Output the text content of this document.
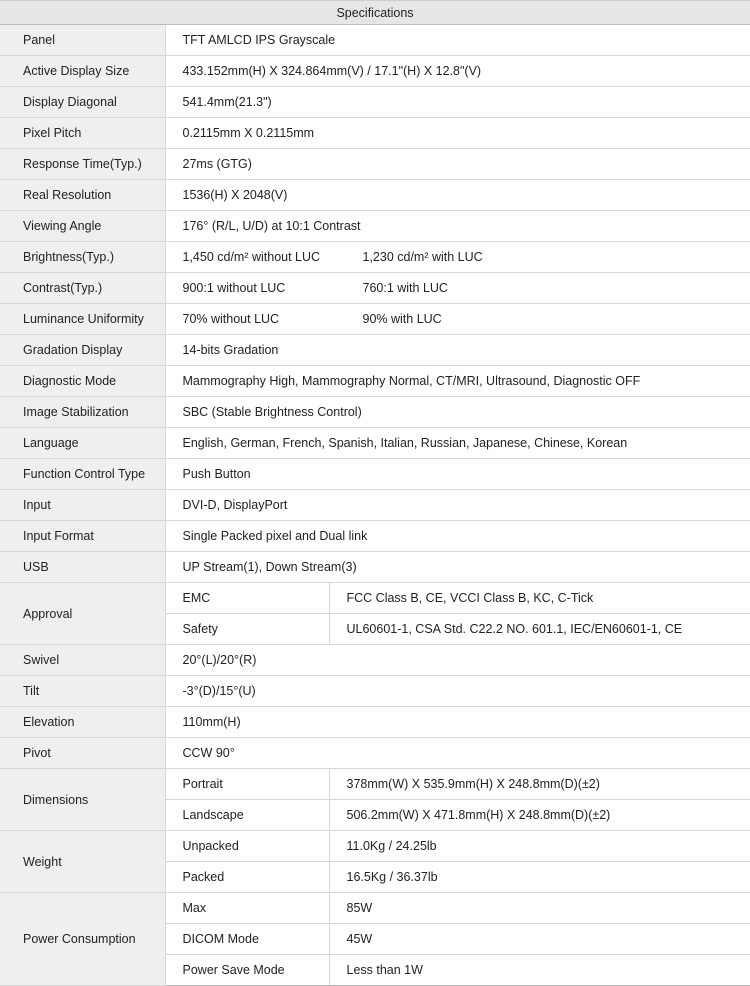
Specifications		
Panel	TFT AMLCD IPS Grayscale	
Active Display Size	433.152mm(H) X 324.864mm(V) / 17.1"(H) X 12.8"(V)	
Display Diagonal	541.4mm(21.3")	
Pixel Pitch	0.2115mm X 0.2115mm	
Response Time(Typ.)	27ms (GTG)	
Real Resolution	1536(H) X 2048(V)	
Viewing Angle	176° (R/L, U/D) at 10:1 Contrast	
Brightness(Typ.)	1,450 cd/m² without LUC 1,230 cd/m² with LUC	
Contrast(Typ.)	900:1 without LUC 760:1 with LUC	
Luminance Uniformity	70% without LUC 90% with LUC	
Gradation Display	14-bits Gradation	
Diagnostic Mode	Mammography High, Mammography Normal, CT/MRI, Ultrasound, Diagnostic OFF	
Image Stabilization	SBC (Stable Brightness Control)	
Language	English, German, French, Spanish, Italian, Russian, Japanese, Chinese, Korean	
Function Control Type	Push Button	
Input	DVI-D, DisplayPort	
Input Format	Single Packed pixel and Dual link	
USB	UP Stream(1), Down Stream(3)	
Approval	EMC	FCC Class B, CE, VCCI Class B, KC, C-Tick
	Safety	UL60601-1, CSA Std. C22.2 NO. 601.1, IEC/EN60601-1, CE
Swivel	20°(L)/20°(R)	
Tilt	-3°(D)/15°(U)	
Elevation	110mm(H)	
Pivot	CCW 90°	
Dimensions	Portrait	378mm(W) X 535.9mm(H) X 248.8mm(D)(±2)
	Landscape	506.2mm(W) X 471.8mm(H) X 248.8mm(D)(±2)
Weight	Unpacked	11.0Kg / 24.25lb
	Packed	16.5Kg / 36.37lb
Power Consumption	Max	85W
	DICOM Mode	45W
	Power Save Mode	Less than 1W
